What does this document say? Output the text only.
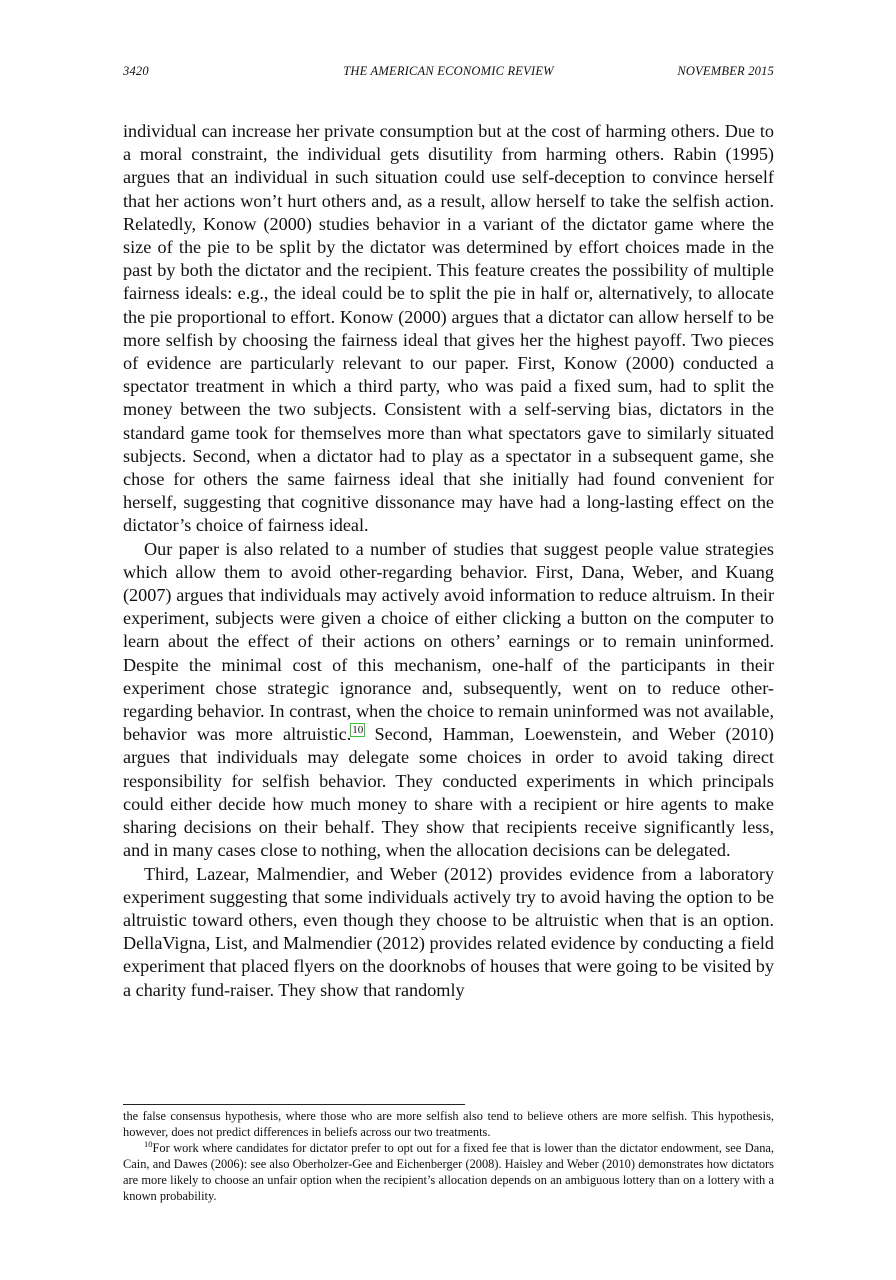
3420	THE AMERICAN ECONOMIC REVIEW	NOVEMBER 2015

individual can increase her private consumption but at the cost of harming others. Due to a moral constraint, the individual gets disutility from harming others. Rabin (1995) argues that an individual in such situation could use self-deception to convince herself that her actions won’t hurt others and, as a result, allow herself to take the selfish action. Relatedly, Konow (2000) studies behavior in a variant of the dictator game where the size of the pie to be split by the dictator was determined by effort choices made in the past by both the dictator and the recipient. This feature creates the possibility of multiple fairness ideals: e.g., the ideal could be to split the pie in half or, alternatively, to allocate the pie proportional to effort. Konow (2000) argues that a dictator can allow herself to be more selfish by choosing the fairness ideal that gives her the highest payoff. Two pieces of evidence are particularly relevant to our paper. First, Konow (2000) conducted a spectator treatment in which a third party, who was paid a fixed sum, had to split the money between the two subjects. Consistent with a self-serving bias, dictators in the standard game took for themselves more than what spectators gave to similarly situated subjects. Second, when a dictator had to play as a spectator in a subsequent game, she chose for others the same fairness ideal that she initially had found convenient for herself, suggesting that cognitive dissonance may have had a long-lasting effect on the dictator’s choice of fairness ideal.

Our paper is also related to a number of studies that suggest people value strategies which allow them to avoid other-regarding behavior. First, Dana, Weber, and Kuang (2007) argues that individuals may actively avoid information to reduce altruism. In their experiment, subjects were given a choice of either clicking a button on the computer to learn about the effect of their actions on others’ earnings or to remain uninformed. Despite the minimal cost of this mechanism, one-half of the participants in their experiment chose strategic ignorance and, subsequently, went on to reduce other-regarding behavior. In contrast, when the choice to remain uninformed was not available, behavior was more altruistic.$^{10}$ Second, Hamman, Loewenstein, and Weber (2010) argues that individuals may delegate some choices in order to avoid taking direct responsibility for selfish behavior. They conducted experiments in which principals could either decide how much money to share with a recipient or hire agents to make sharing decisions on their behalf. They show that recipients receive significantly less, and in many cases close to nothing, when the allocation decisions can be delegated.

Third, Lazear, Malmendier, and Weber (2012) provides evidence from a laboratory experiment suggesting that some individuals actively try to avoid having the option to be altruistic toward others, even though they choose to be altruistic when that is an option. DellaVigna, List, and Malmendier (2012) provides related evidence by conducting a field experiment that placed flyers on the doorknobs of houses that were going to be visited by a charity fund-raiser. They show that randomly

the false consensus hypothesis, where those who are more selfish also tend to believe others are more selfish. This hypothesis, however, does not predict differences in beliefs across our two treatments.

$^{10}$For work where candidates for dictator prefer to opt out for a fixed fee that is lower than the dictator endowment, see Dana, Cain, and Dawes (2006): see also Oberholzer-Gee and Eichenberger (2008). Haisley and Weber (2010) demonstrates how dictators are more likely to choose an unfair option when the recipient’s allocation depends on an ambiguous lottery than on a lottery with a known probability.
